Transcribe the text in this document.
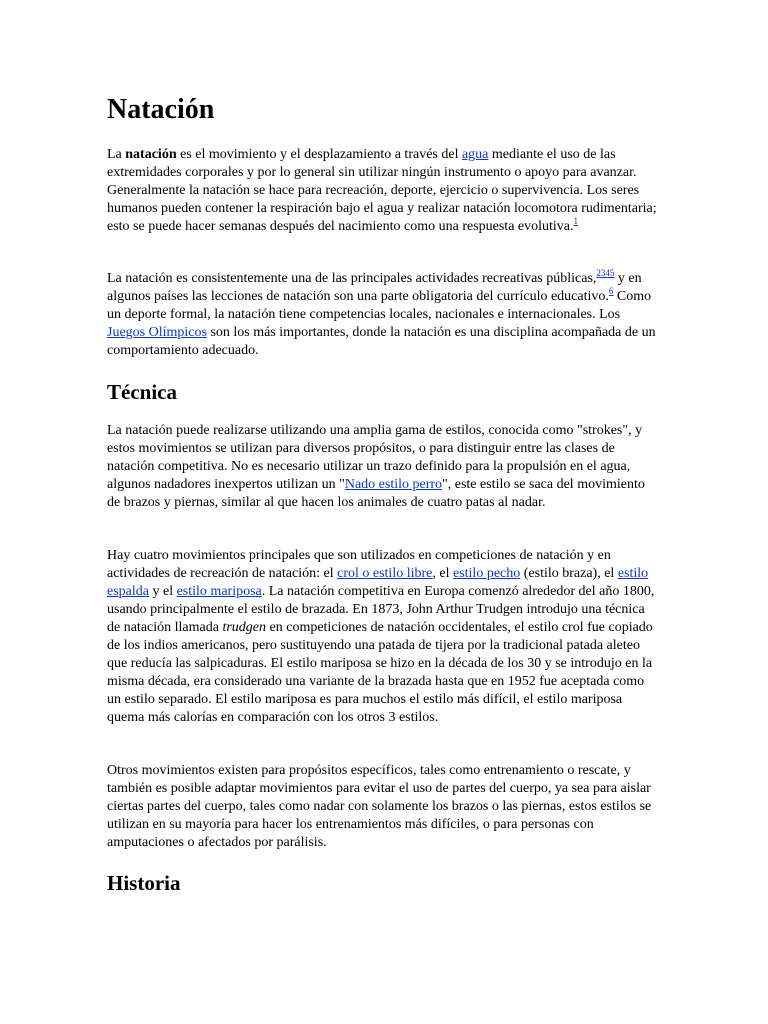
Natación

La natación es el movimiento y el desplazamiento a través del agua mediante el uso de las extremidades corporales y por lo general sin utilizar ningún instrumento o apoyo para avanzar. Generalmente la natación se hace para recreación, deporte, ejercicio o supervivencia. Los seres humanos pueden contener la respiración bajo el agua y realizar natación locomotora rudimentaria; esto se puede hacer semanas después del nacimiento como una respuesta evolutiva.$^1$

La natación es consistentemente una de las principales actividades recreativas públicas,$^{2345}$ y en algunos países las lecciones de natación son una parte obligatoria del currículo educativo.$^6$ Como un deporte formal, la natación tiene competencias locales, nacionales e internacionales. Los Juegos Olímpicos son los más importantes, donde la natación es una disciplina acompañada de un comportamiento adecuado.

Técnica

La natación puede realizarse utilizando una amplia gama de estilos, conocida como "strokes", y estos movimientos se utilizan para diversos propósitos, o para distinguir entre las clases de natación competitiva. No es necesario utilizar un trazo definido para la propulsión en el agua, algunos nadadores inexpertos utilizan un "Nado estilo perro", este estilo se saca del movimiento de brazos y piernas, similar al que hacen los animales de cuatro patas al nadar.

Hay cuatro movimientos principales que son utilizados en competiciones de natación y en actividades de recreación de natación: el crol o estilo libre, el estilo pecho (estilo braza), el estilo espalda y el estilo mariposa. La natación competitiva en Europa comenzó alrededor del año 1800, usando principalmente el estilo de brazada. En 1873, John Arthur Trudgen introdujo una técnica de natación llamada trudgen en competiciones de natación occidentales, el estilo crol fue copiado de los indios americanos, pero sustituyendo una patada de tijera por la tradicional patada aleteo que reducía las salpicaduras. El estilo mariposa se hizo en la década de los 30 y se introdujo en la misma década, era considerado una variante de la brazada hasta que en 1952 fue aceptada como un estilo separado. El estilo mariposa es para muchos el estilo más difícil, el estilo mariposa quema más calorías en comparación con los otros 3 estilos.

Otros movimientos existen para propósitos específicos, tales como entrenamiento o rescate, y también es posible adaptar movimientos para evitar el uso de partes del cuerpo, ya sea para aislar ciertas partes del cuerpo, tales como nadar con solamente los brazos o las piernas, estos estilos se utilizan en su mayoría para hacer los entrenamientos más difíciles, o para personas con amputaciones o afectados por parálisis.

Historia
